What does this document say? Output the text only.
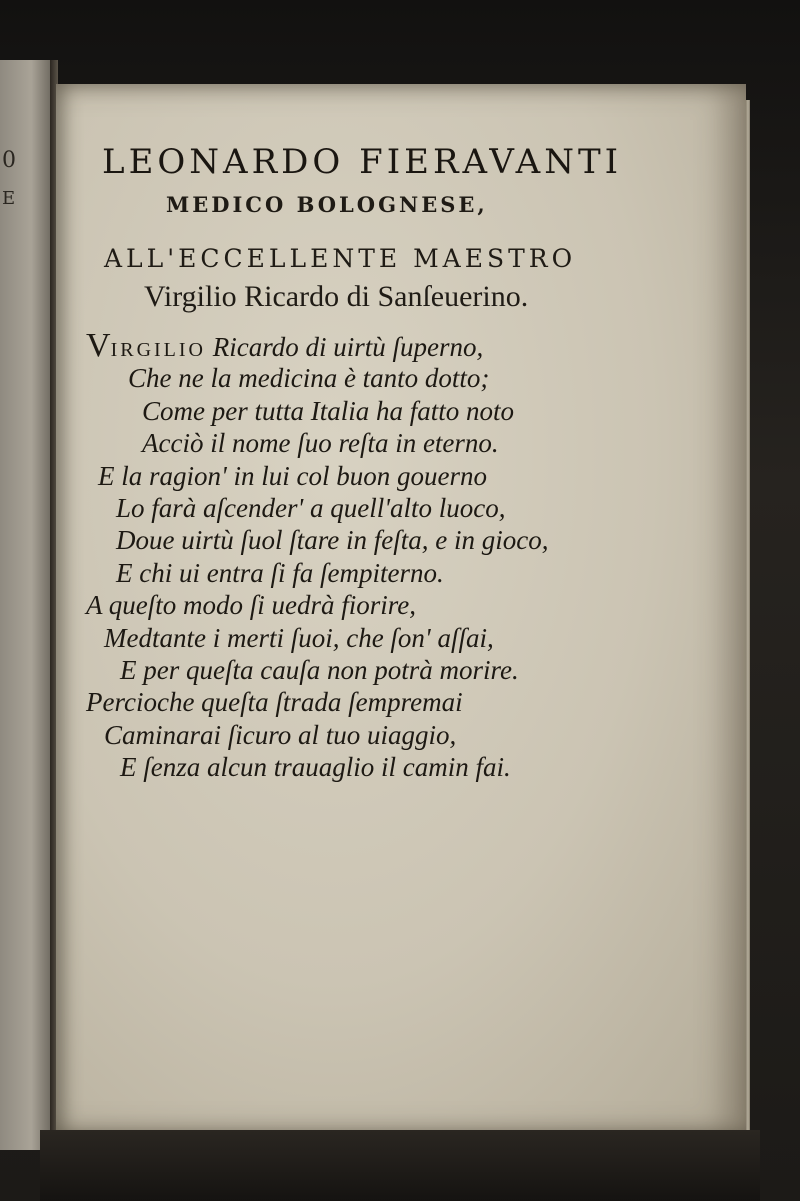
0
E
LEONARDO FIERAVANTI
MEDICO BOLOGNESE,
ALL'ECCELLENTE MAESTRO
Virgilio Ricardo di Sanſeuerino.
VIRGILIO Ricardo di uirtù ſuperno,
Che ne la medicina è tanto dotto;
Come per tutta Italia ha fatto noto
Acciò il nome ſuo reſta in eterno.
E la ragion' in lui col buon gouerno
Lo farà aſcender' a quell'alto luoco,
Doue uirtù ſuol ſtare in feſta, e in gioco,
E chi ui entra ſi fa ſempiterno.
A queſto modo ſi uedrà fiorire,
Medtante i merti ſuoi, che ſon' aſſai,
E per queſta cauſa non potrà morire.
Percioche queſta ſtrada ſempremai
Caminarai ſicuro al tuo uiaggio,
E ſenza alcun trauaglio il camin fai.
